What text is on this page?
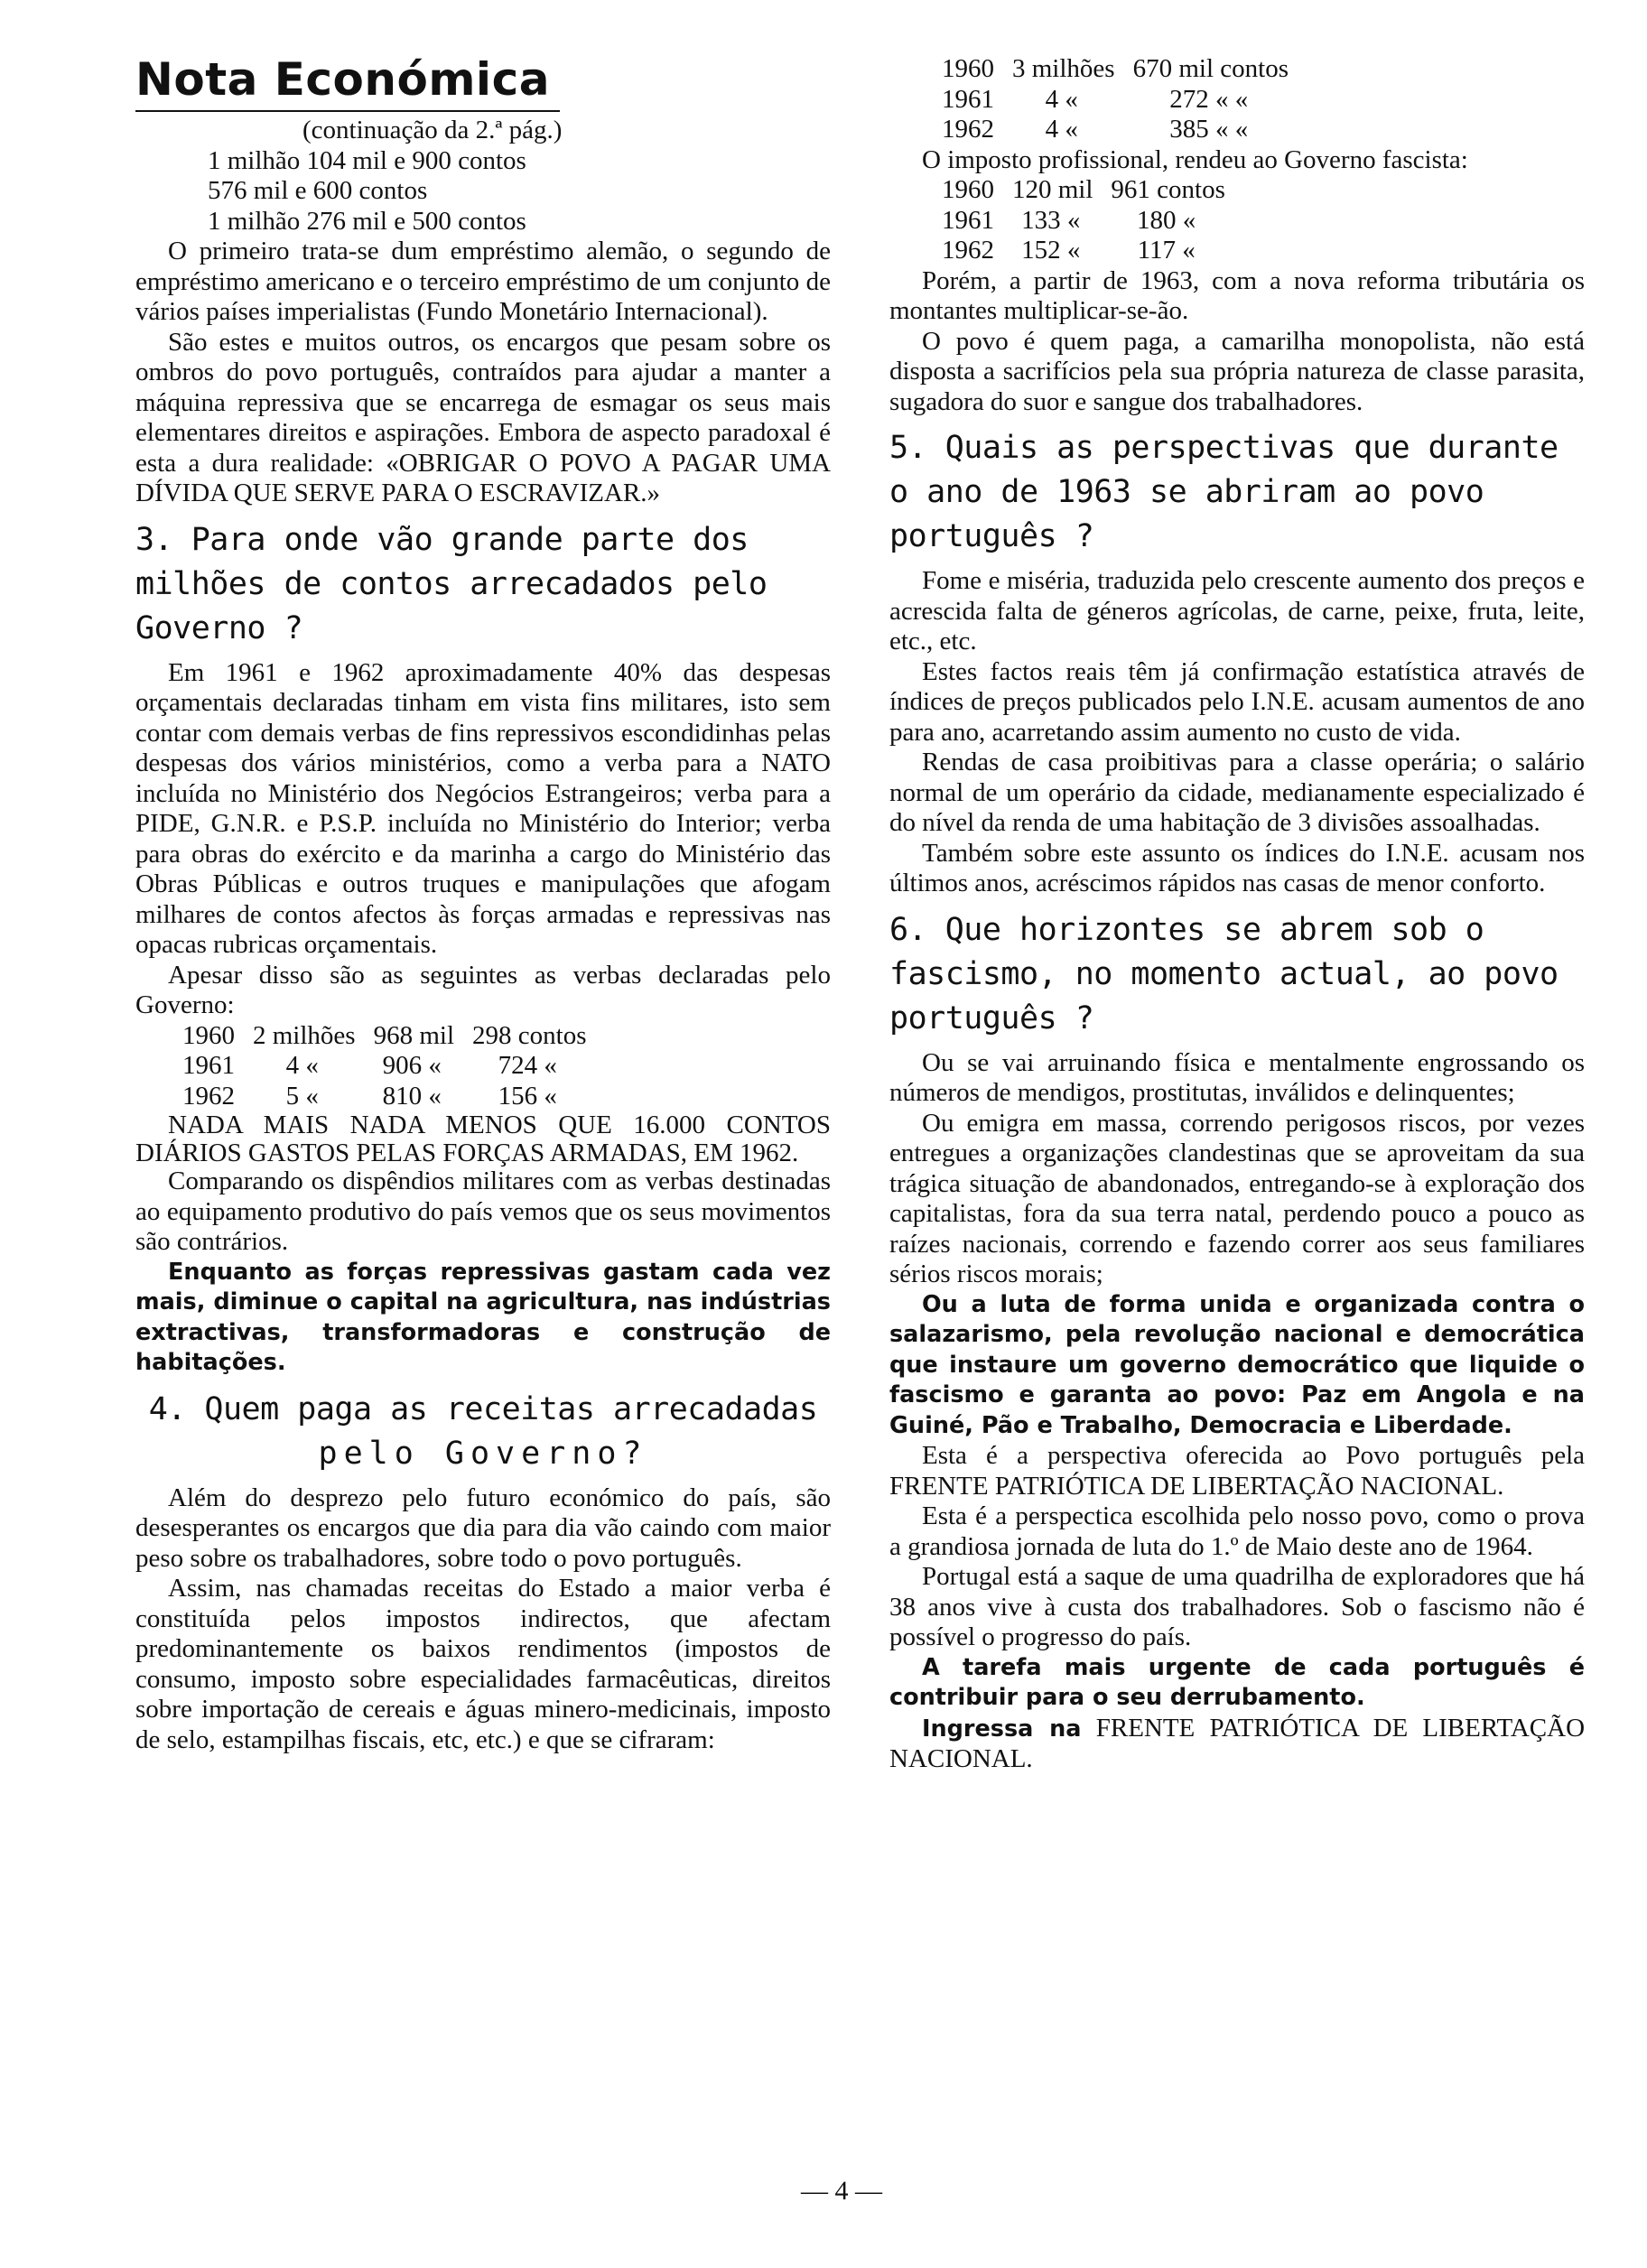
Nota Económica
(continuação da 2.ª pág.)
1 milhão 104 mil e 900 contos
576 mil e 600 contos
1 milhão 276 mil e 500 contos

O primeiro trata-se dum empréstimo alemão, o segundo de empréstimo americano e o terceiro empréstimo de um conjunto de vários países imperialistas (Fundo Monetário Internacional).

São estes e muitos outros, os encargos que pesam sobre os ombros do povo português, contraídos para ajudar a manter a máquina repressiva que se encarrega de esmagar os seus mais elementares direitos e aspirações. Embora de aspecto paradoxal é esta a dura realidade: «OBRIGAR O POVO A PAGAR UMA DÍVIDA QUE SERVE PARA O ESCRAVIZAR.»

3. Para onde vão grande parte dos milhões de contos arrecadados pelo Governo ?

Em 1961 e 1962 aproximadamente 40% das despesas orçamentais declaradas tinham em vista fins militares, isto sem contar com demais verbas de fins repressivos escondidinhas pelas despesas dos vários ministérios, como a verba para a NATO incluída no Ministério dos Negócios Estrangeiros; verba para a PIDE, G.N.R. e P.S.P. incluída no Ministério do Interior; verba para obras do exército e da marinha a cargo do Ministério das Obras Públicas e outros truques e manipulações que afogam milhares de contos afectos às forças armadas e repressivas nas opacas rubricas orçamentais.

Apesar disso são as seguintes as verbas declaradas pelo Governo:

1960	2 milhões	968 mil	298 contos
1961	4 «	906 «	724 «
1962	5 «	810 «	156 «
NADA MAIS NADA MENOS QUE 16.000 CONTOS DIÁRIOS GASTOS PELAS FORÇAS ARMADAS, EM 1962.

Comparando os dispêndios militares com as verbas destinadas ao equipamento produtivo do país vemos que os seus movimentos são contrários.

Enquanto as forças repressivas gastam cada vez mais, diminue o capital na agricultura, nas indústrias extractivas, transformadoras e construção de habitações.

4. Quem paga as receitas arrecadadas
pelo Governo?

Além do desprezo pelo futuro económico do país, são desesperantes os encargos que dia para dia vão caindo com maior peso sobre os trabalhadores, sobre todo o povo português.

Assim, nas chamadas receitas do Estado a maior verba é constituída pelos impostos indirectos, que afectam predominantemente os baixos rendimentos (impostos de consumo, imposto sobre especialidades farmacêuticas, direitos sobre importação de cereais e águas minero-medicinais, imposto de selo, estampilhas fiscais, etc, etc.) e que se cifraram:

1960	3 milhões	670 mil contos
1961	4 «	272 « «
1962	4 «	385 « «

O imposto profissional, rendeu ao Governo fascista:

1960	120 mil	961 contos
1961	133 «	180 «
1962	152 «	117 «

Porém, a partir de 1963, com a nova reforma tributária os montantes multiplicar-se-ão.

O povo é quem paga, a camarilha monopolista, não está disposta a sacrifícios pela sua própria natureza de classe parasita, sugadora do suor e sangue dos trabalhadores.

5. Quais as perspectivas que durante o ano de 1963 se abriram ao povo português ?

Fome e miséria, traduzida pelo crescente aumento dos preços e acrescida falta de géneros agrícolas, de carne, peixe, fruta, leite, etc., etc.

Estes factos reais têm já confirmação estatística através de índices de preços publicados pelo I.N.E. acusam aumentos de ano para ano, acarretando assim aumento no custo de vida.

Rendas de casa proibitivas para a classe operária; o salário normal de um operário da cidade, medianamente especializado é do nível da renda de uma habitação de 3 divisões assoalhadas.

Também sobre este assunto os índices do I.N.E. acusam nos últimos anos, acréscimos rápidos nas casas de menor conforto.

6. Que horizontes se abrem sob o fascismo, no momento actual, ao povo português ?

Ou se vai arruinando física e mentalmente engrossando os números de mendigos, prostitutas, inválidos e delinquentes;

Ou emigra em massa, correndo perigosos riscos, por vezes entregues a organizações clandestinas que se aproveitam da sua trágica situação de abandonados, entregando-se à exploração dos capitalistas, fora da sua terra natal, perdendo pouco a pouco as raízes nacionais, correndo e fazendo correr aos seus familiares sérios riscos morais;

Ou a luta de forma unida e organizada contra o salazarismo, pela revolução nacional e democrática que instaure um governo democrático que liquide o fascismo e garanta ao povo: Paz em Angola e na Guiné, Pão e Trabalho, Democracia e Liberdade.

Esta é a perspectiva oferecida ao Povo português pela FRENTE PATRIÓTICA DE LIBERTAÇÃO NACIONAL.

Esta é a perspectica escolhida pelo nosso povo, como o prova a grandiosa jornada de luta do 1.º de Maio deste ano de 1964.

Portugal está a saque de uma quadrilha de exploradores que há 38 anos vive à custa dos trabalhadores. Sob o fascismo não é possível o progresso do país.

A tarefa mais urgente de cada português é contribuir para o seu derrubamento.

Ingressa na FRENTE PATRIÓTICA DE LIBERTAÇÃO NACIONAL.

— 4 —
